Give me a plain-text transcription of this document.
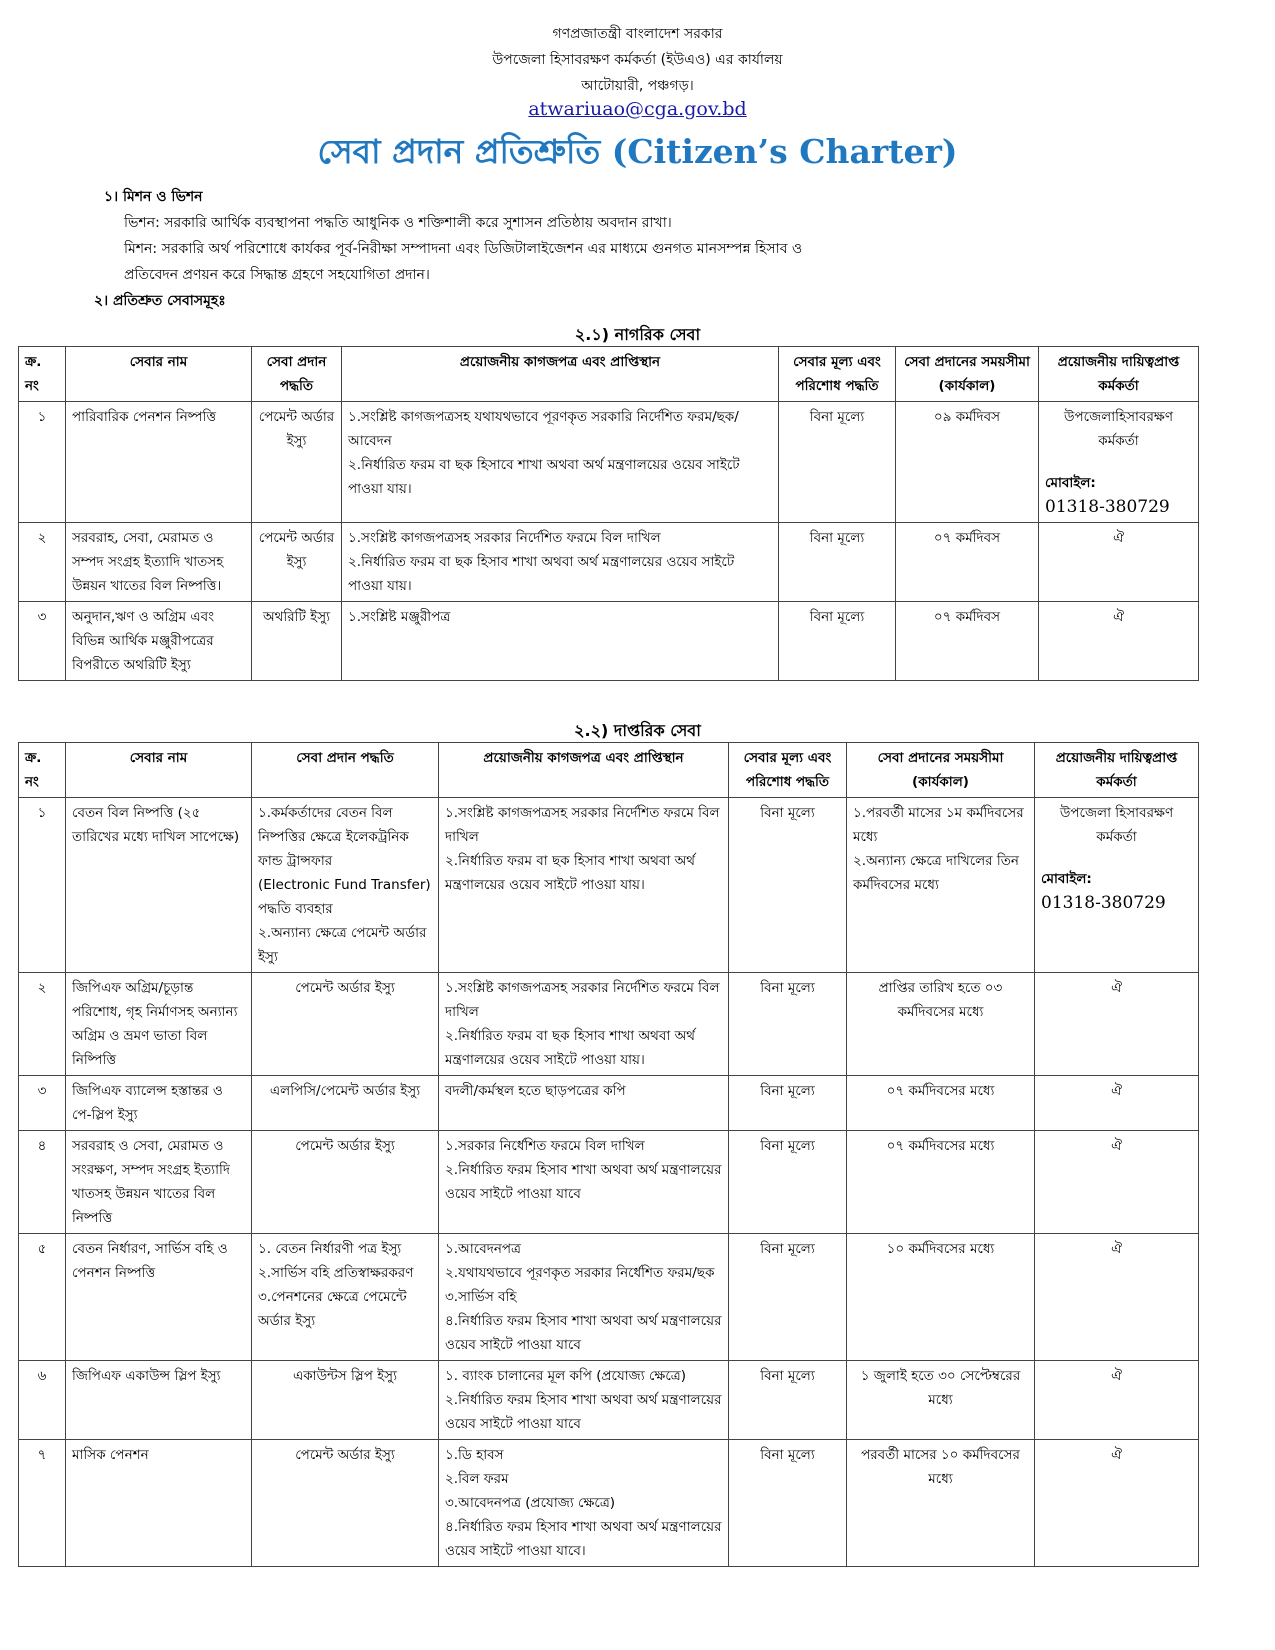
গণপ্রজাতন্ত্রী বাংলাদেশ সরকার
উপজেলা হিসাবরক্ষণ কর্মকর্তা (ইউএও) এর কার্যালয়
আটোয়ারী, পঞ্চগড়।
atwariuao@cga.gov.bd
সেবা প্রদান প্রতিশ্রুতি (Citizen’s Charter)
১। মিশন ও ভিশন
ভিশন: সরকারি আর্থিক ব্যবস্থাপনা পদ্ধতি আধুনিক ও শক্তিশালী করে সুশাসন প্রতিষ্ঠায় অবদান রাখা।
মিশন: সরকারি অর্থ পরিশোধে কার্যকর পূর্ব-নিরীক্ষা সম্পাদনা এবং ডিজিটালাইজেশন এর মাধ্যমে গুনগত মানসম্পন্ন হিসাব ও
প্রতিবেদন প্রণয়ন করে সিদ্ধান্ত গ্রহণে সহযোগিতা প্রদান।
২। প্রতিশ্রুত সেবাসমূহঃ
২.১) নাগরিক সেবা
ক্র. নং	সেবার নাম	সেবা প্রদান পদ্ধতি	প্রয়োজনীয় কাগজপত্র এবং প্রাপ্তিস্থান	সেবার মূল্য এবং পরিশোধ পদ্ধতি	সেবা প্রদানের সময়সীমা (কার্যকাল)	প্রয়োজনীয় দায়িত্বপ্রাপ্ত কর্মকর্তা

১	পারিবারিক পেনশন নিষ্পত্তি	পেমেন্ট অর্ডার ইস্যু	১.সংশ্লিষ্ট কাগজপত্রসহ যথাযথভাবে পূরণকৃত সরকারি নির্দেশিত ফরম/ছক/আবেদন
২.নির্ধারিত ফরম বা ছক হিসাবে শাখা অথবা অর্থ মন্ত্রণালয়ের ওয়েব সাইটে পাওয়া যায়।	বিনা মূল্যে	০৯ কর্মদিবস	উপজেলাহিসাবরক্ষণ কর্মকর্তা
মোবাইল:
01318-380729

২	সরবরাহ, সেবা, মেরামত ও সম্পদ সংগ্রহ ইত্যাদি খাতসহ উন্নয়ন খাতের বিল নিষ্পত্তি।	পেমেন্ট অর্ডার ইস্যু	১.সংশ্লিষ্ট কাগজপত্রসহ সরকার নির্দেশিত ফরমে বিল দাখিল
২.নির্ধারিত ফরম বা ছক হিসাব শাখা অথবা অর্থ মন্ত্রণালয়ের ওয়েব সাইটে পাওয়া যায়।	বিনা মূল্যে	০৭ কর্মদিবস	ঐ

৩	অনুদান,ঋণ ও অগ্রিম এবং বিভিন্ন আর্থিক মঞ্জুরীপত্রের বিপরীতে অথরিটি ইস্যু	অথরিটি ইস্যু	১.সংশ্লিষ্ট মঞ্জুরীপত্র	বিনা মূল্যে	০৭ কর্মদিবস	ঐ
২.২) দাপ্তরিক সেবা
ক্র. নং	সেবার নাম	সেবা প্রদান পদ্ধতি	প্রয়োজনীয় কাগজপত্র এবং প্রাপ্তিস্থান	সেবার মূল্য এবং পরিশোধ পদ্ধতি	সেবা প্রদানের সময়সীমা (কার্যকাল)	প্রয়োজনীয় দায়িত্বপ্রাপ্ত কর্মকর্তা

১	বেতন বিল নিষ্পত্তি (২৫ তারিখের মধ্যে দাখিল সাপেক্ষে)	১.কর্মকর্তাদের বেতন বিল নিষ্পত্তির ক্ষেত্রে ইলেকট্রনিক ফান্ড ট্রান্সফার
(Electronic Fund Transfer)
পদ্ধতি ব্যবহার
২.অন্যান্য ক্ষেত্রে পেমেন্ট অর্ডার ইস্যু	১.সংশ্লিষ্ট কাগজপত্রসহ সরকার নির্দেশিত ফরমে বিল দাখিল
২.নির্ধারিত ফরম বা ছক হিসাব শাখা অথবা অর্থ মন্ত্রণালয়ের ওয়েব সাইটে পাওয়া যায়।	বিনা মূল্যে	১.পরবর্তী মাসের ১ম কর্মদিবসের মধ্যে
২.অন্যান্য ক্ষেত্রে দাখিলের তিন কর্মদিবসের মধ্যে	উপজেলা হিসাবরক্ষণ কর্মকর্তা
মোবাইল:
01318-380729

২	জিপিএফ অগ্রিম/চূড়ান্ত পরিশোধ, গৃহ নির্মাণসহ অন্যান্য অগ্রিম ও ভ্রমণ ভাতা বিল নিষ্পিত্তি	পেমেন্ট অর্ডার ইস্যু	১.সংশ্লিষ্ট কাগজপত্রসহ সরকার নির্দেশিত ফরমে বিল দাখিল
২.নির্ধারিত ফরম বা ছক হিসাব শাখা অথবা অর্থ মন্ত্রণালয়ের ওয়েব সাইটে পাওয়া যায়।	বিনা মূল্যে	প্রাপ্তির তারিখ হতে ০৩ কর্মদিবসের মধ্যে	ঐ

৩	জিপিএফ ব্যালেন্স হস্তান্তর ও পে-স্লিপ ইস্যু	এলপিসি/পেমেন্ট অর্ডার ইস্যু	বদলী/কর্মস্থল হতে ছাড়পত্রের কপি	বিনা মূল্যে	০৭ কর্মদিবসের মধ্যে	ঐ

৪	সরবরাহ ও সেবা, মেরামত ও সংরক্ষণ, সম্পদ সংগ্রহ ইত্যাদি খাতসহ উন্নয়ন খাতের বিল নিষ্পত্তি	পেমেন্ট অর্ডার ইস্যু	১.সরকার নির্ধেশিত ফরমে বিল দাখিল
২.নির্ধারিত ফরম হিসাব শাখা অথবা অর্থ মন্ত্রণালয়ের ওয়েব সাইটে পাওয়া যাবে	বিনা মূল্যে	০৭ কর্মদিবসের মধ্যে	ঐ

৫	বেতন নির্ধারণ, সার্ভিস বহি ও পেনশন নিষ্পত্তি	১. বেতন নির্ধারণী পত্র ইস্যু
২.সার্ভিস বহি প্রতিস্বাক্ষরকরণ
৩.পেনশনের ক্ষেত্রে পেমেন্টে অর্ডার ইস্যু	১.আবেদনপত্র
২.যথাযথভাবে পূরণকৃত সরকার নির্ধেশিত ফরম/ছক
৩.সার্ভিস বহি
৪.নির্ধারিত ফরম হিসাব শাখা অথবা অর্থ মন্ত্রণালয়ের ওয়েব সাইটে পাওয়া যাবে	বিনা মূল্যে	১০ কর্মদিবসের মধ্যে	ঐ

৬	জিপিএফ একাউন্স স্লিপ ইস্যু	একাউন্টস স্লিপ ইস্যু	১. ব্যাংক চালানের মূল কপি (প্রযোজ্য ক্ষেত্রে)
২.নির্ধারিত ফরম হিসাব শাখা অথবা অর্থ মন্ত্রণালয়ের ওয়েব সাইটে পাওয়া যাবে	বিনা মূল্যে	১ জুলাই হতে ৩০ সেপ্টেম্বরের মধ্যে	ঐ

৭	মাসিক পেনশন	পেমেন্ট অর্ডার ইস্যু	১.ডি হাবস
২.বিল ফরম
৩.আবেদনপত্র (প্রযোজ্য ক্ষেত্রে)
৪.নির্ধারিত ফরম হিসাব শাখা অথবা অর্থ মন্ত্রণালয়ের ওয়েব সাইটে পাওয়া যাবে।	বিনা মূল্যে	পরবর্তী মাসের ১০ কর্মদিবসের মধ্যে	ঐ
